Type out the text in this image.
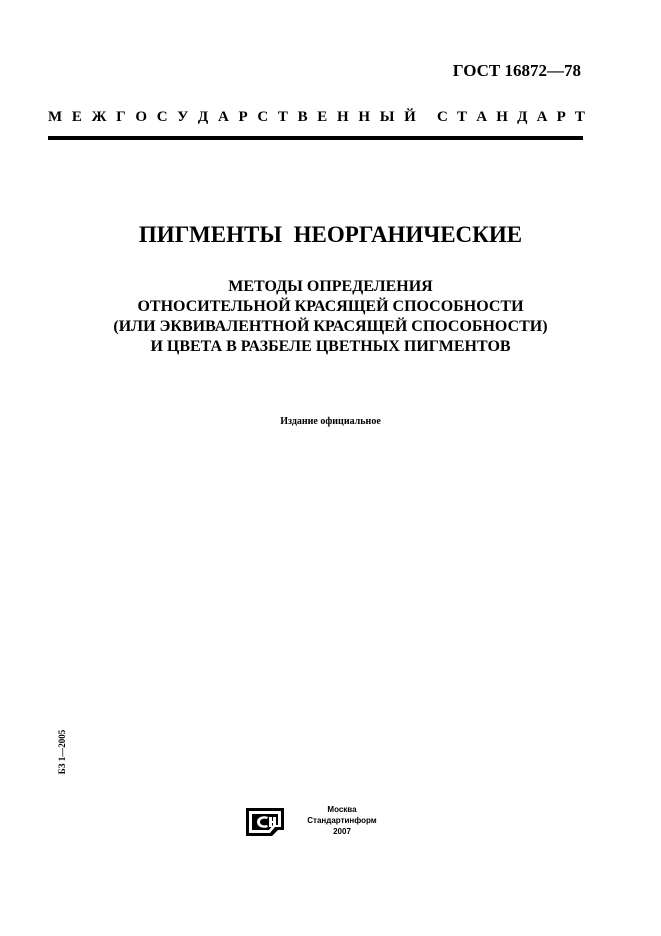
ГОСТ 16872—78
М Е Ж Г О С У Д А Р С Т В Е Н Н Ы Й С Т А Н Д А Р Т
ПИГМЕНТЫ НЕОРГАНИЧЕСКИЕ
МЕТОДЫ ОПРЕДЕЛЕНИЯ
ОТНОСИТЕЛЬНОЙ КРАСЯЩЕЙ СПОСОБНОСТИ
(ИЛИ ЭКВИВАЛЕНТНОЙ КРАСЯЩЕЙ СПОСОБНОСТИ)
И ЦВЕТА В РАЗБЕЛЕ ЦВЕТНЫХ ПИГМЕНТОВ
Издание официальное
БЗ 1—2005
Москва
Стандартинформ
2007
